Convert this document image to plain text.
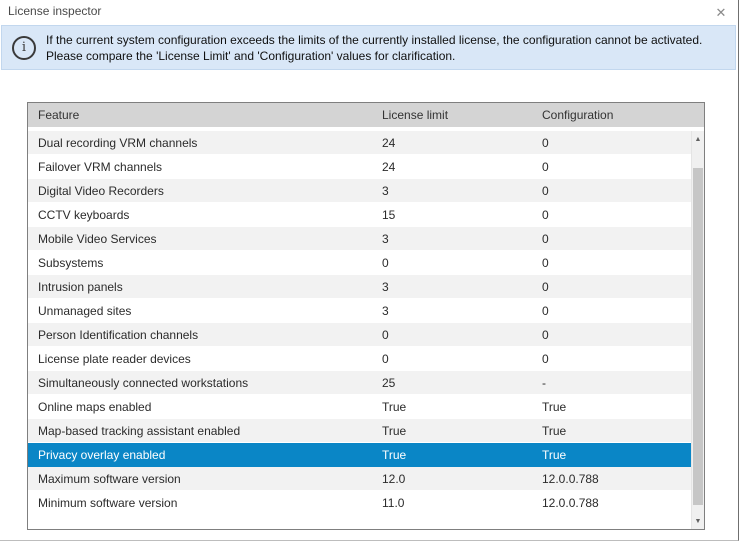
License inspector	✕
i
If the current system configuration exceeds the limits of the currently installed license, the configuration cannot be activated. Please compare the 'License Limit' and 'Configuration' values for clarification.
Feature	License limit	Configuration
Dual recording VRM channels	24	0
Failover VRM channels	24	0
Digital Video Recorders	3	0
CCTV keyboards	15	0
Mobile Video Services	3	0
Subsystems	0	0
Intrusion panels	3	0
Unmanaged sites	3	0
Person Identification channels	0	0
License plate reader devices	0	0
Simultaneously connected workstations	25	-
Online maps enabled	True	True
Map-based tracking assistant enabled	True	True
Privacy overlay enabled	True	True
Maximum software version	12.0	12.0.0.788
Minimum software version	11.0	12.0.0.788
▲
▼
